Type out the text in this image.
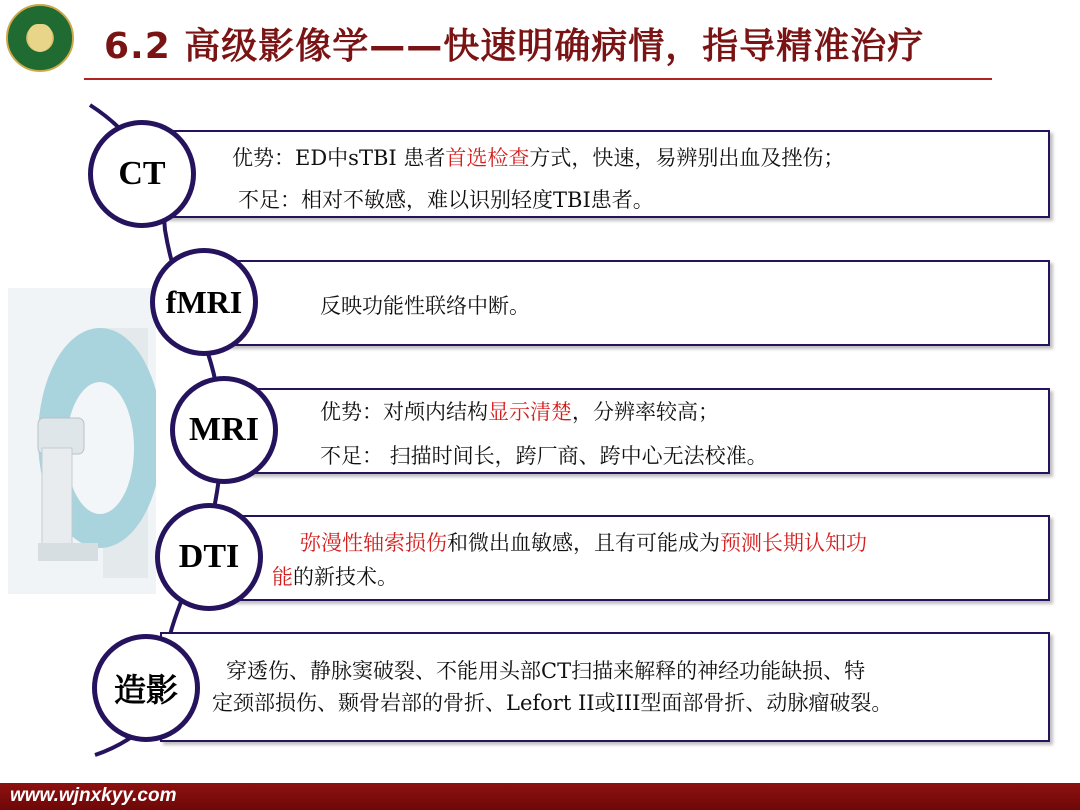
6.2 高级影像学——快速明确病情，指导精准治疗
优势：ED中sTBI 患者首选检查方式，快速，易辨别出血及挫伤；
不足：相对不敏感，难以识别轻度TBI患者。
CT
反映功能性联络中断。
fMRI
优势：对颅内结构显示清楚，分辨率较高；
不足： 扫描时间长，跨厂商、跨中心无法校准。
MRI
弥漫性轴索损伤和微出血敏感，且有可能成为预测长期认知功
能的新技术。
DTI
穿透伤、静脉窦破裂、不能用头部CT扫描来解释的神经功能缺损、特
定颈部损伤、颞骨岩部的骨折、Lefort II或III型面部骨折、动脉瘤破裂。
造影
www.wjnxkyy.com
